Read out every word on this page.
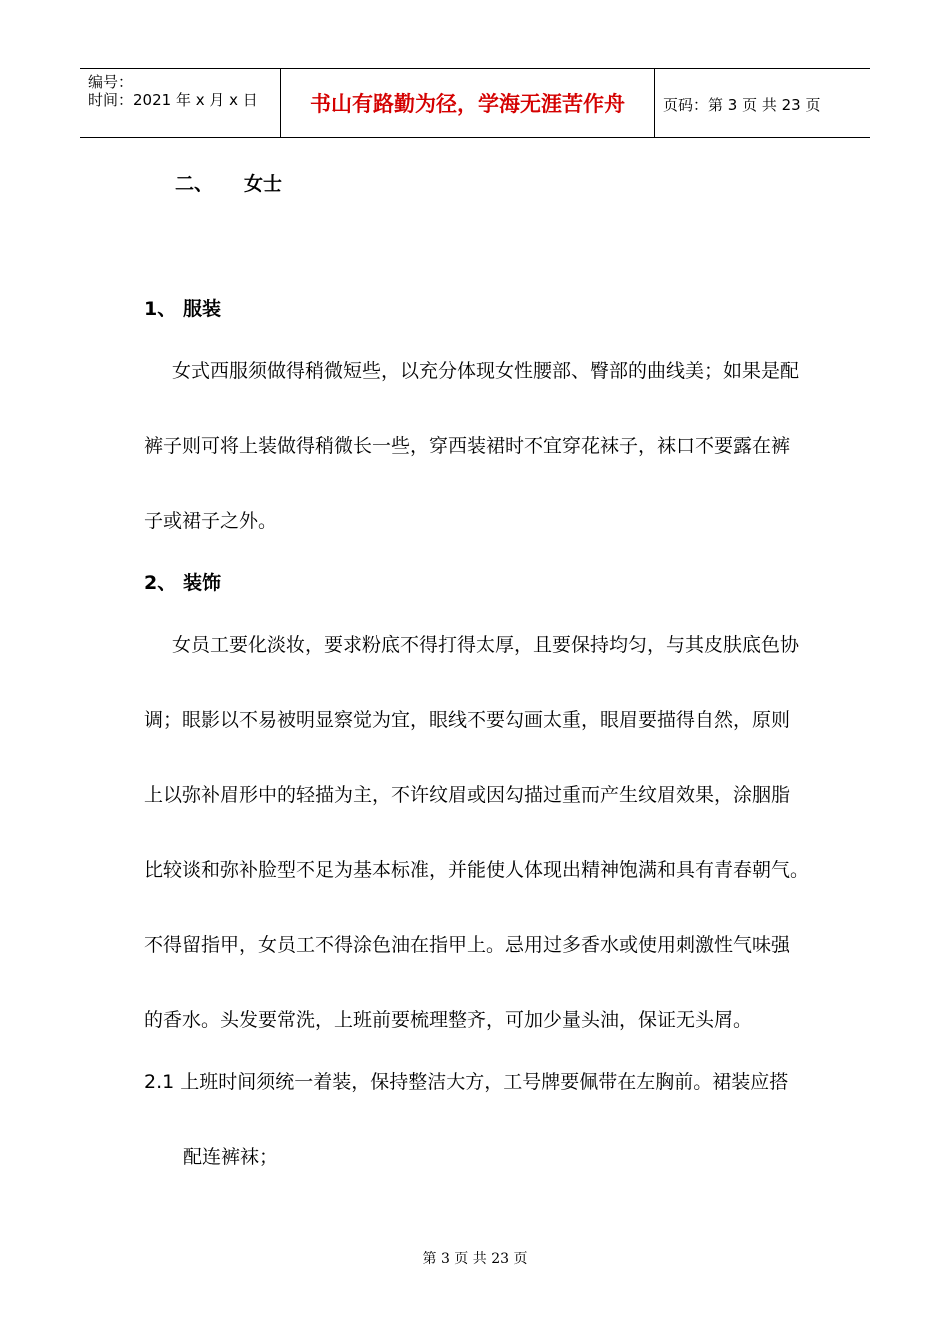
编号：
时间：2021 年 x 月 x 日	书山有路勤为径，学海无涯苦作舟	页码：第 3 页 共 23 页
二、 女士
1、 服装
女式西服须做得稍微短些，以充分体现女性腰部、臀部的曲线美；如果是配
裤子则可将上装做得稍微长一些，穿西装裙时不宜穿花袜子，袜口不要露在裤
子或裙子之外。
2、 装饰
女员工要化淡妆，要求粉底不得打得太厚，且要保持均匀，与其皮肤底色协
调；眼影以不易被明显察觉为宜，眼线不要勾画太重，眼眉要描得自然，原则
上以弥补眉形中的轻描为主，不许纹眉或因勾描过重而产生纹眉效果，涂胭脂
比较谈和弥补脸型不足为基本标准，并能使人体现出精神饱满和具有青春朝气。
不得留指甲，女员工不得涂色油在指甲上。忌用过多香水或使用刺激性气味强
的香水。头发要常洗，上班前要梳理整齐，可加少量头油，保证无头屑。
2.1 上班时间须统一着装，保持整洁大方，工号牌要佩带在左胸前。裙装应搭
配连裤袜；
第 3 页 共 23 页
